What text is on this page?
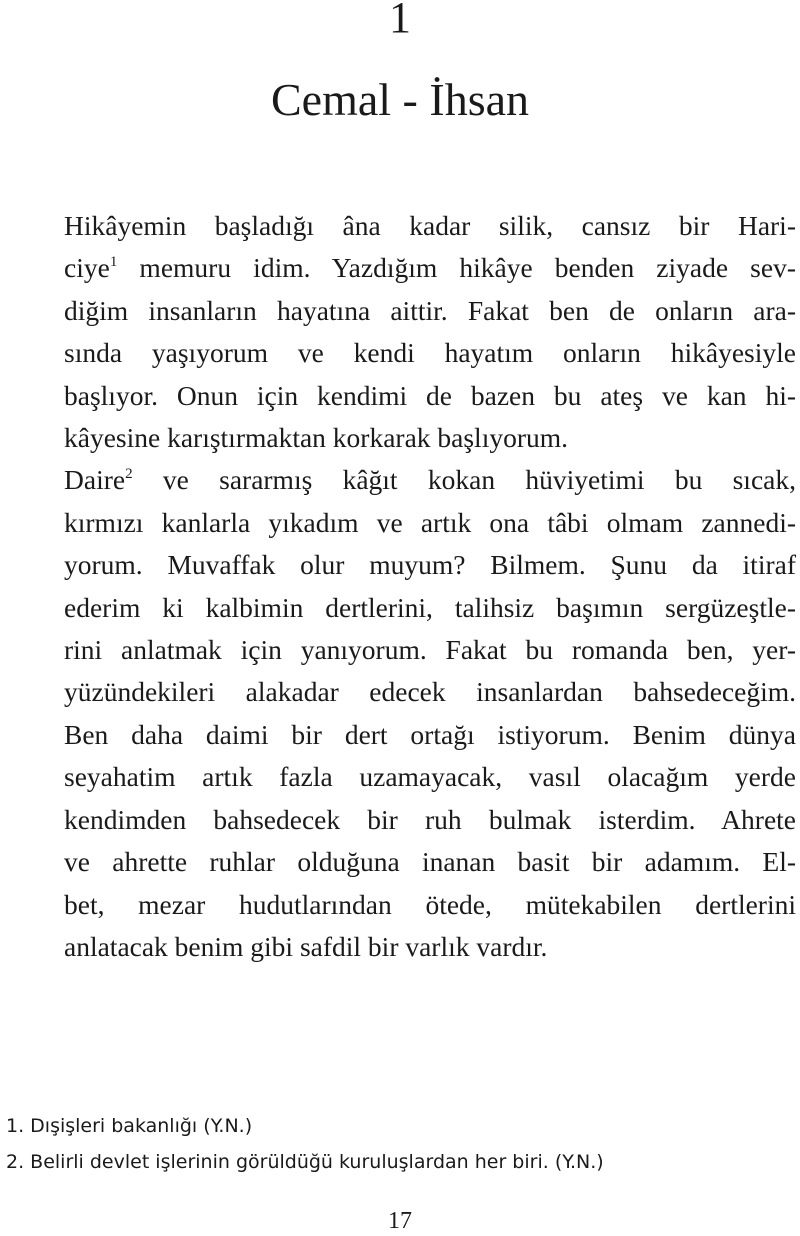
1
Cemal - İhsan

Hikâyemin başladığı âna kadar silik, cansız bir Hari-
ciye$^1$ memuru idim. Yazdığım hikâye benden ziyade sev-
diğim insanların hayatına aittir. Fakat ben de onların ara-
sında yaşıyorum ve kendi hayatım onların hikâyesiyle
başlıyor. Onun için kendimi de bazen bu ateş ve kan hi-
kâyesine karıştırmaktan korkarak başlıyorum.

Daire$^2$ ve sararmış kâğıt kokan hüviyetimi bu sıcak,
kırmızı kanlarla yıkadım ve artık ona tâbi olmam zannedi-
yorum. Muvaffak olur muyum? Bilmem. Şunu da itiraf
ederim ki kalbimin dertlerini, talihsiz başımın sergüzeştle-
rini anlatmak için yanıyorum. Fakat bu romanda ben, yer-
yüzündekileri alakadar edecek insanlardan bahsedeceğim.
Ben daha daimi bir dert ortağı istiyorum. Benim dünya
seyahatim artık fazla uzamayacak, vasıl olacağım yerde
kendimden bahsedecek bir ruh bulmak isterdim. Ahrete
ve ahrette ruhlar olduğuna inanan basit bir adamım. El-
bet, mezar hudutlarından ötede, mütekabilen dertlerini
anlatacak benim gibi safdil bir varlık vardır.

1. Dışişleri bakanlığı (Y.N.)
2. Belirli devlet işlerinin görüldüğü kuruluşlardan her biri. (Y.N.)
17
